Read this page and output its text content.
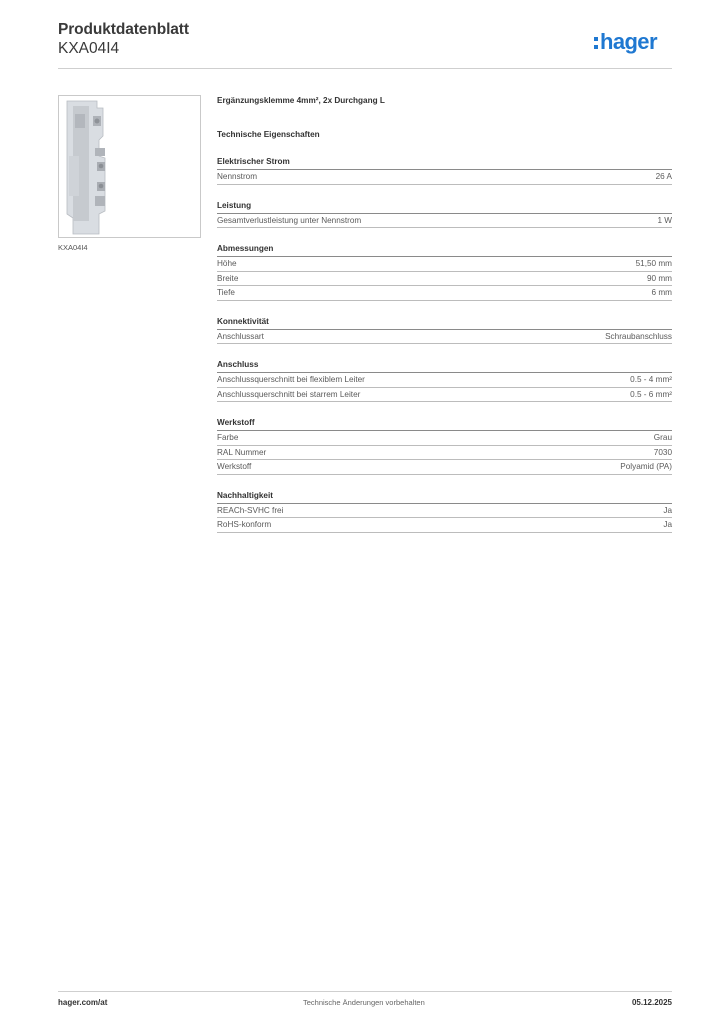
Produktdatenblatt
KXA04I4	hager
KXA04I4
Ergänzungsklemme 4mm², 2x Durchgang L
Technische Eigenschaften
Elektrischer Strom
Nennstrom	26 A
Leistung
Gesamtverlustleistung unter Nennstrom	1 W
Abmessungen
Höhe	51,50 mm
Breite	90 mm
Tiefe	6 mm
Konnektivität
Anschlussart	Schraubanschluss
Anschluss
Anschlussquerschnitt bei flexiblem Leiter	0.5 - 4 mm²
Anschlussquerschnitt bei starrem Leiter	0.5 - 6 mm²
Werkstoff
Farbe	Grau
RAL Nummer	7030
Werkstoff	Polyamid (PA)
Nachhaltigkeit
REACh-SVHC frei	Ja
RoHS-konform	Ja
hager.com/at	Technische Änderungen vorbehalten	05.12.2025
